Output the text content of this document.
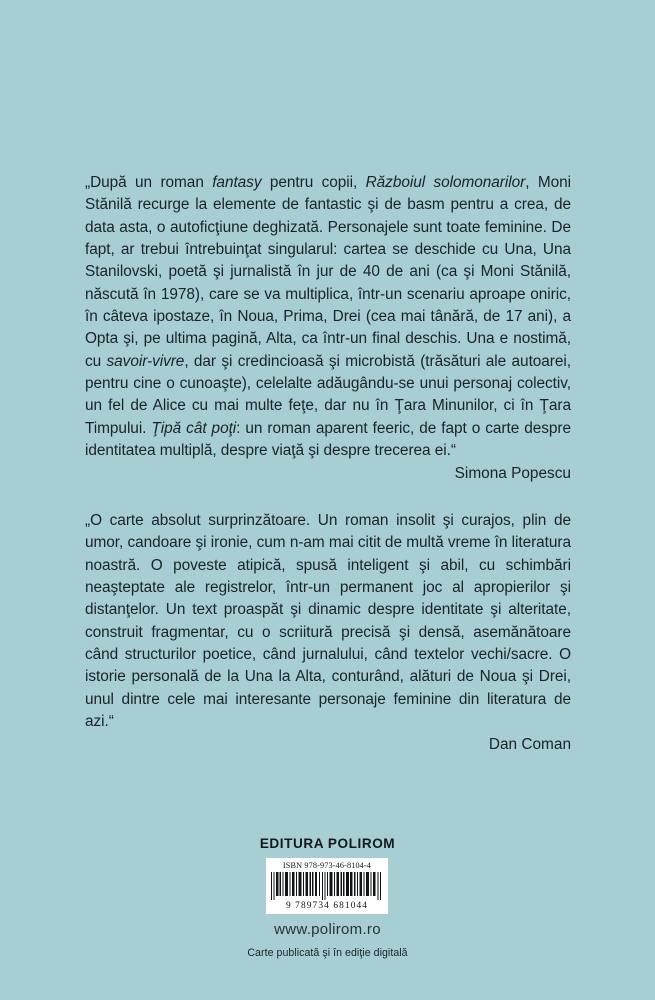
„După un roman fantasy pentru copii, Războiul solomonarilor, Moni Stănilă recurge la elemente de fantastic şi de basm pentru a crea, de data asta, o autoficţiune deghizată. Personajele sunt toate feminine. De fapt, ar trebui întrebuinţat singularul: cartea se deschide cu Una, Una Stanilovski, poetă şi jurnalistă în jur de 40 de ani (ca şi Moni Stănilă, născută în 1978), care se va multiplica, într-un scenariu aproape oniric, în câteva ipostaze, în Noua, Prima, Drei (cea mai tânără, de 17 ani), a Opta şi, pe ultima pagină, Alta, ca într-un final deschis. Una e nostimă, cu savoir-vivre, dar şi credincioasă şi microbistă (trăsături ale autoarei, pentru cine o cunoaşte), celelalte adăugându-se unui personaj colectiv, un fel de Alice cu mai multe feţe, dar nu în Ţara Minunilor, ci în Ţara Timpului. Ţipă cât poţi: un roman aparent feeric, de fapt o carte despre identitatea multiplă, despre viaţă şi despre trecerea ei.“

Simona Popescu

„O carte absolut surprinzătoare. Un roman insolit şi curajos, plin de umor, candoare şi ironie, cum n-am mai citit de multă vreme în literatura noastră. O poveste atipică, spusă inteligent şi abil, cu schimbări neaşteptate ale registrelor, într-un permanent joc al apropierilor şi distanţelor. Un text proaspăt şi dinamic despre identitate şi alteritate, construit fragmentar, cu o scriitură precisă şi densă, asemănătoare când structurilor poetice, când jurnalului, când textelor vechi/sacre. O istorie personală de la Una la Alta, conturând, alături de Noua şi Drei, unul dintre cele mai interesante personaje feminine din literatura de azi.“

Dan Coman

EDITURA POLIROM
ISBN 978-973-46-8104-4
9 789734 681044
www.polirom.ro
Carte publicată şi în ediţie digitală
